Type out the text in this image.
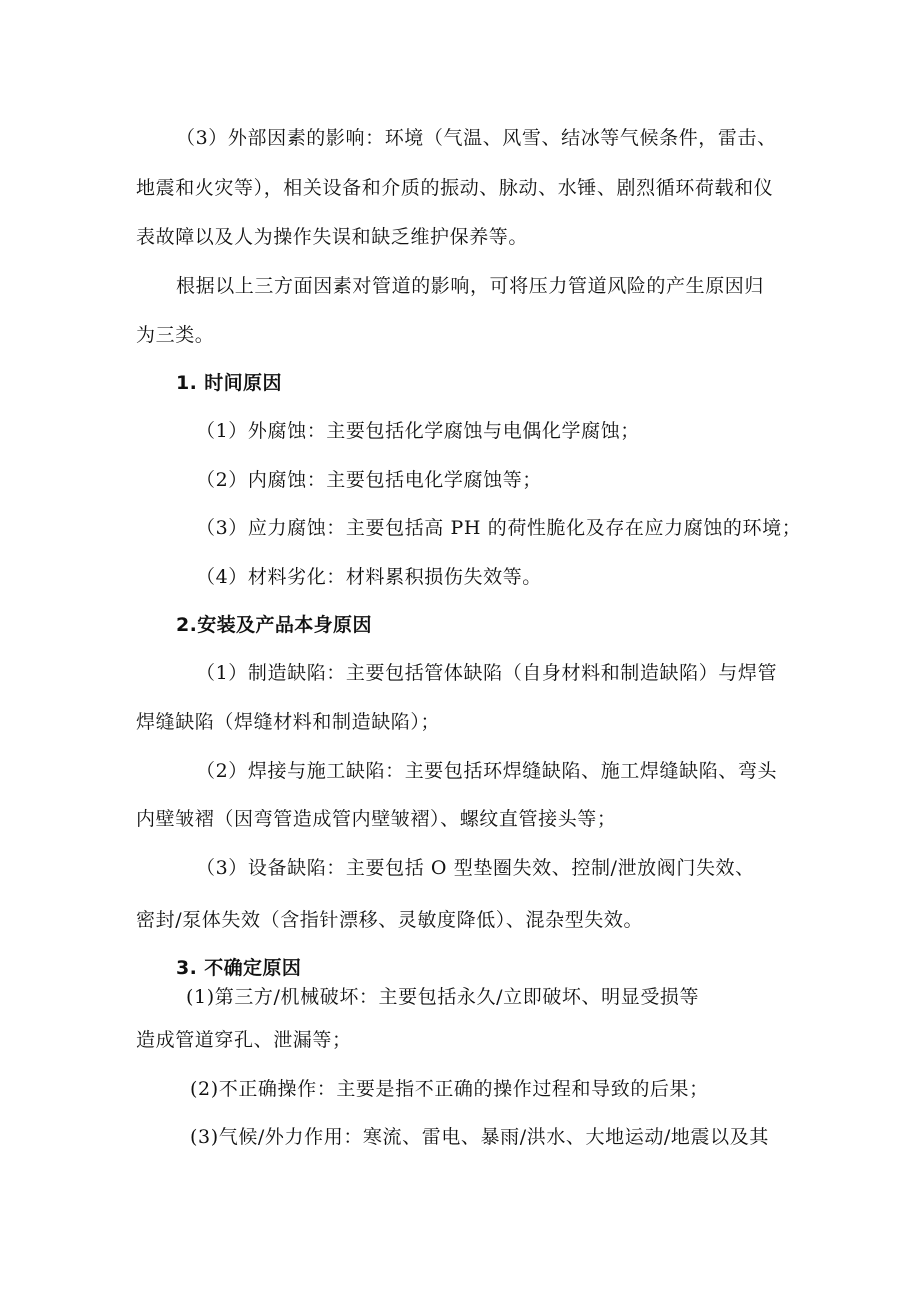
（3）外部因素的影响：环境（气温、风雪、结冰等气候条件，雷击、
地震和火灾等），相关设备和介质的振动、脉动、水锤、剧烈循环荷载和仪
表故障以及人为操作失误和缺乏维护保养等。
根据以上三方面因素对管道的影响，可将压力管道风险的产生原因归
为三类。
1. 时间原因
（1）外腐蚀：主要包括化学腐蚀与电偶化学腐蚀；
（2）内腐蚀：主要包括电化学腐蚀等；
（3）应力腐蚀：主要包括高 PH 的荷性脆化及存在应力腐蚀的环境；
（4）材料劣化：材料累积损伤失效等。
2.安装及产品本身原因
（1）制造缺陷：主要包括管体缺陷（自身材料和制造缺陷）与焊管
焊缝缺陷（焊缝材料和制造缺陷）；
（2）焊接与施工缺陷：主要包括环焊缝缺陷、施工焊缝缺陷、弯头
内壁皱褶（因弯管造成管内壁皱褶）、螺纹直管接头等；
（3）设备缺陷：主要包括 O 型垫圈失效、控制/泄放阀门失效、
密封/泵体失效（含指针漂移、灵敏度降低）、混杂型失效。
3. 不确定原因
(1)第三方/机械破坏：主要包括永久/立即破坏、明显受损等
造成管道穿孔、泄漏等；
(2)不正确操作：主要是指不正确的操作过程和导致的后果；
(3)气候/外力作用：寒流、雷电、暴雨/洪水、大地运动/地震以及其
